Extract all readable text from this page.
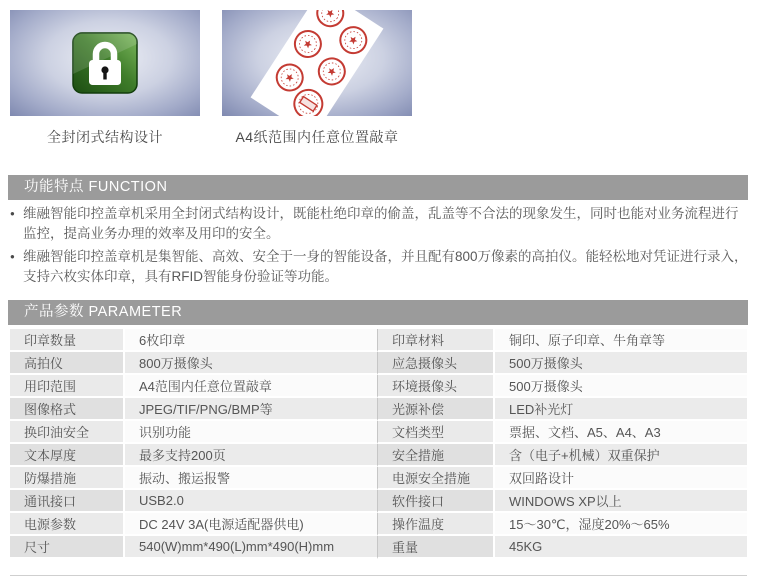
全封闭式结构设计	A4纸范围内任意位置敲章
功能特点 FUNCTION
● 维融智能印控盖章机采用全封闭式结构设计，既能杜绝印章的偷盖，乱盖等不合法的现象发生，同时也能对业务流程进行监控，提高业务办理的效率及用印的安全。
● 维融智能印控盖章机是集智能、高效、安全于一身的智能设备，并且配有800万像素的高拍仪。能轻松地对凭证进行录入，支持六枚实体印章，具有RFID智能身份验证等功能。
产品参数 PARAMETER
印章数量	6枚印章	印章材料	铜印、原子印章、牛角章等
高拍仪	800万摄像头	应急摄像头	500万摄像头
用印范围	A4范围内任意位置敲章	环境摄像头	500万摄像头
图像格式	JPEG/TIF/PNG/BMP等	光源补偿	LED补光灯
换印油安全	识别功能	文档类型	票据、文档、A5、A4、A3
文本厚度	最多支持200页	安全措施	含（电子+机械）双重保护
防爆措施	振动、搬运报警	电源安全措施	双回路设计
通讯接口	USB2.0	软件接口	WINDOWS XP以上
电源参数	DC 24V 3A(电源适配器供电)	操作温度	15～30℃，湿度20%～65%
尺寸	540(W)mm*490(L)mm*490(H)mm	重量	45KG
